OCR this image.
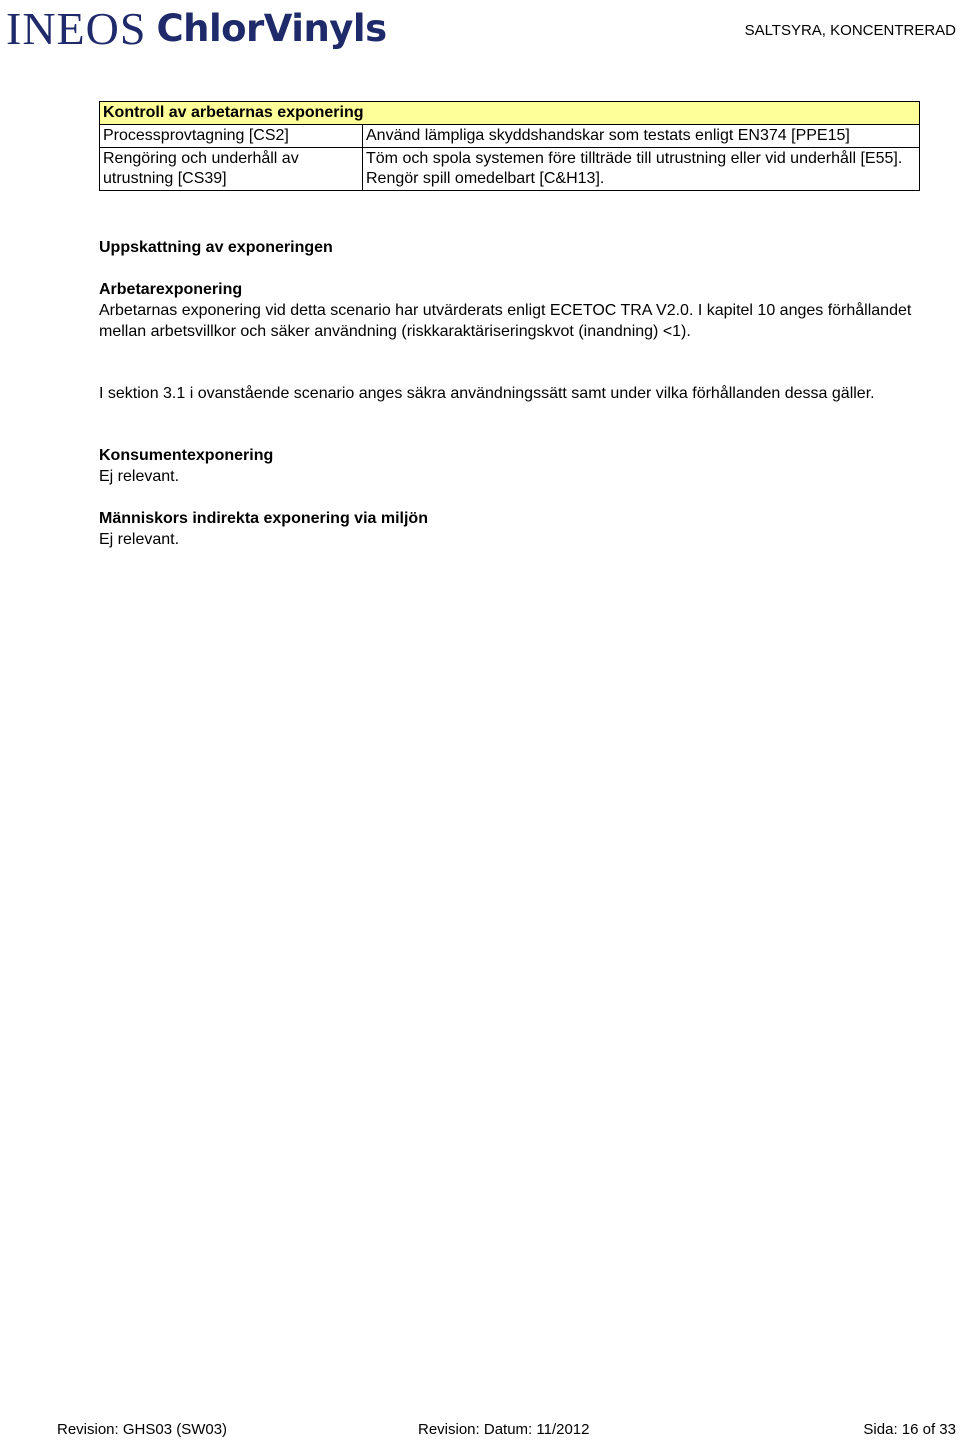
INEOS ChlorVinyls	SALTSYRA, KONCENTRERAD
Kontroll av arbetarnas exponering	
Processprovtagning [CS2]	Använd lämpliga skyddshandskar som testats enligt EN374 [PPE15]
Rengöring och underhåll av utrustning [CS39]	Töm och spola systemen före tillträde till utrustning eller vid underhåll [E55].
Rengör spill omedelbart [C&H13].

Uppskattning av exponeringen

Arbetarexponering

Arbetarnas exponering vid detta scenario har utvärderats enligt ECETOC TRA V2.0. I kapitel 10 anges förhållandet mellan arbetsvillkor och säker användning (riskkaraktäriseringskvot (inandning) <1).

I sektion 3.1 i ovanstående scenario anges säkra användningssätt samt under vilka förhållanden dessa gäller.

Konsumentexponering

Ej relevant.

Människors indirekta exponering via miljön

Ej relevant.

Revision: GHS03 (SW03)	Revision: Datum: 11/2012	Sida: 16 of 33
